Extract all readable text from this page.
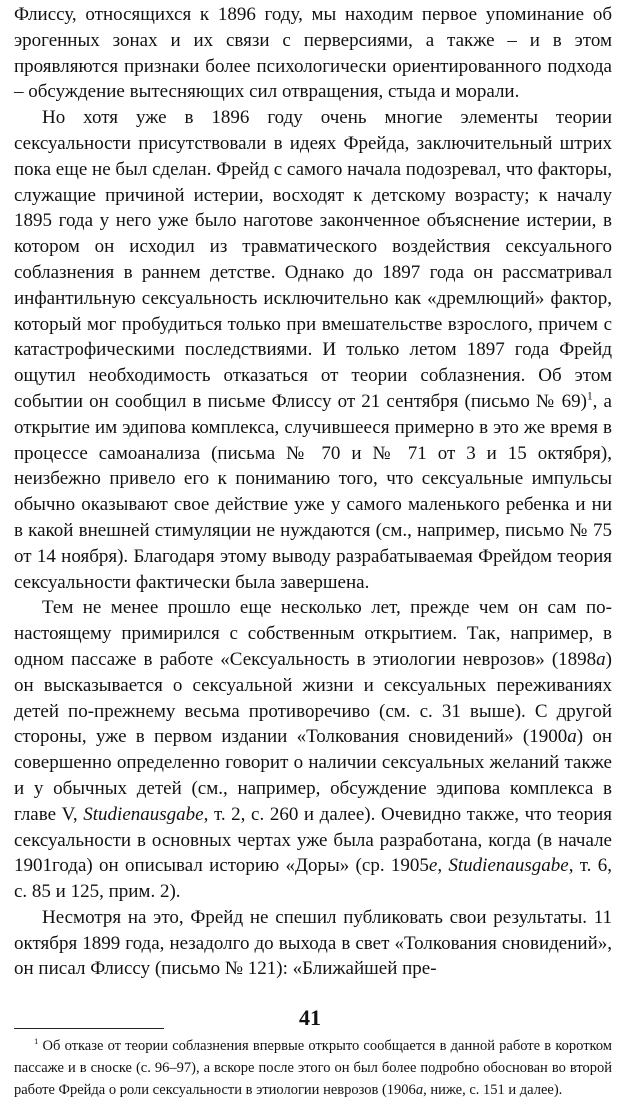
Флиссу, относящихся к 1896 году, мы находим первое упоминание об эрогенных зонах и их связи с перверсиями, а также – и в этом проявляются признаки более психологически ориентированного подхода – обсуждение вытесняющих сил отвращения, стыда и морали.

Но хотя уже в 1896 году очень многие элементы теории сексуальности присутствовали в идеях Фрейда, заключительный штрих пока еще не был сделан. Фрейд с самого начала подозревал, что факторы, служащие причиной истерии, восходят к детскому возрасту; к началу 1895 года у него уже было наготове законченное объяснение истерии, в котором он исходил из травматического воздействия сексуального соблазнения в раннем детстве. Однако до 1897 года он рассматривал инфантильную сексуальность исключительно как «дремлющий» фактор, который мог пробудиться только при вмешательстве взрослого, причем с катастрофическими последствиями. И только летом 1897 года Фрейд ощутил необходимость отказаться от теории соблазнения. Об этом событии он сообщил в письме Флиссу от 21 сентября (письмо № 69)$^1$, а открытие им эдипова комплекса, случившееся примерно в это же время в процессе самоанализа (письма № 70 и № 71 от 3 и 15 октября), неизбежно привело его к пониманию того, что сексуальные импульсы обычно оказывают свое действие уже у самого маленького ребенка и ни в какой внешней стимуляции не нуждаются (см., например, письмо № 75 от 14 ноября). Благодаря этому выводу разрабатываемая Фрейдом теория сексуальности фактически была завершена.

Тем не менее прошло еще несколько лет, прежде чем он сам по-настоящему примирился с собственным открытием. Так, например, в одном пассаже в работе «Сексуальность в этиологии неврозов» (1898a) он высказывается о сексуальной жизни и сексуальных переживаниях детей по-прежнему весьма противоречиво (см. с. 31 выше). С другой стороны, уже в первом издании «Толкования сновидений» (1900a) он совершенно определенно говорит о наличии сексуальных желаний также и у обычных детей (см., например, обсуждение эдипова комплекса в главе V, Studienausgabe, т. 2, с. 260 и далее). Очевидно также, что теория сексуальности в основных чертах уже была разработана, когда (в начале 1901года) он описывал историю «Доры» (ср. 1905e, Studienausgabe, т. 6, с. 85 и 125, прим. 2).

Несмотря на это, Фрейд не спешил публиковать свои результаты. 11 октября 1899 года, незадолго до выхода в свет «Толкования сновидений», он писал Флиссу (письмо № 121): «Ближайшей пре-

$^1$ Об отказе от теории соблазнения впервые открыто сообщается в данной работе в коротком пассаже и в сноске (с. 96–97), а вскоре после этого он был более подробно обоснован во второй работе Фрейда о роли сексуальности в этиологии неврозов (1906a, ниже, с. 151 и далее).

41
